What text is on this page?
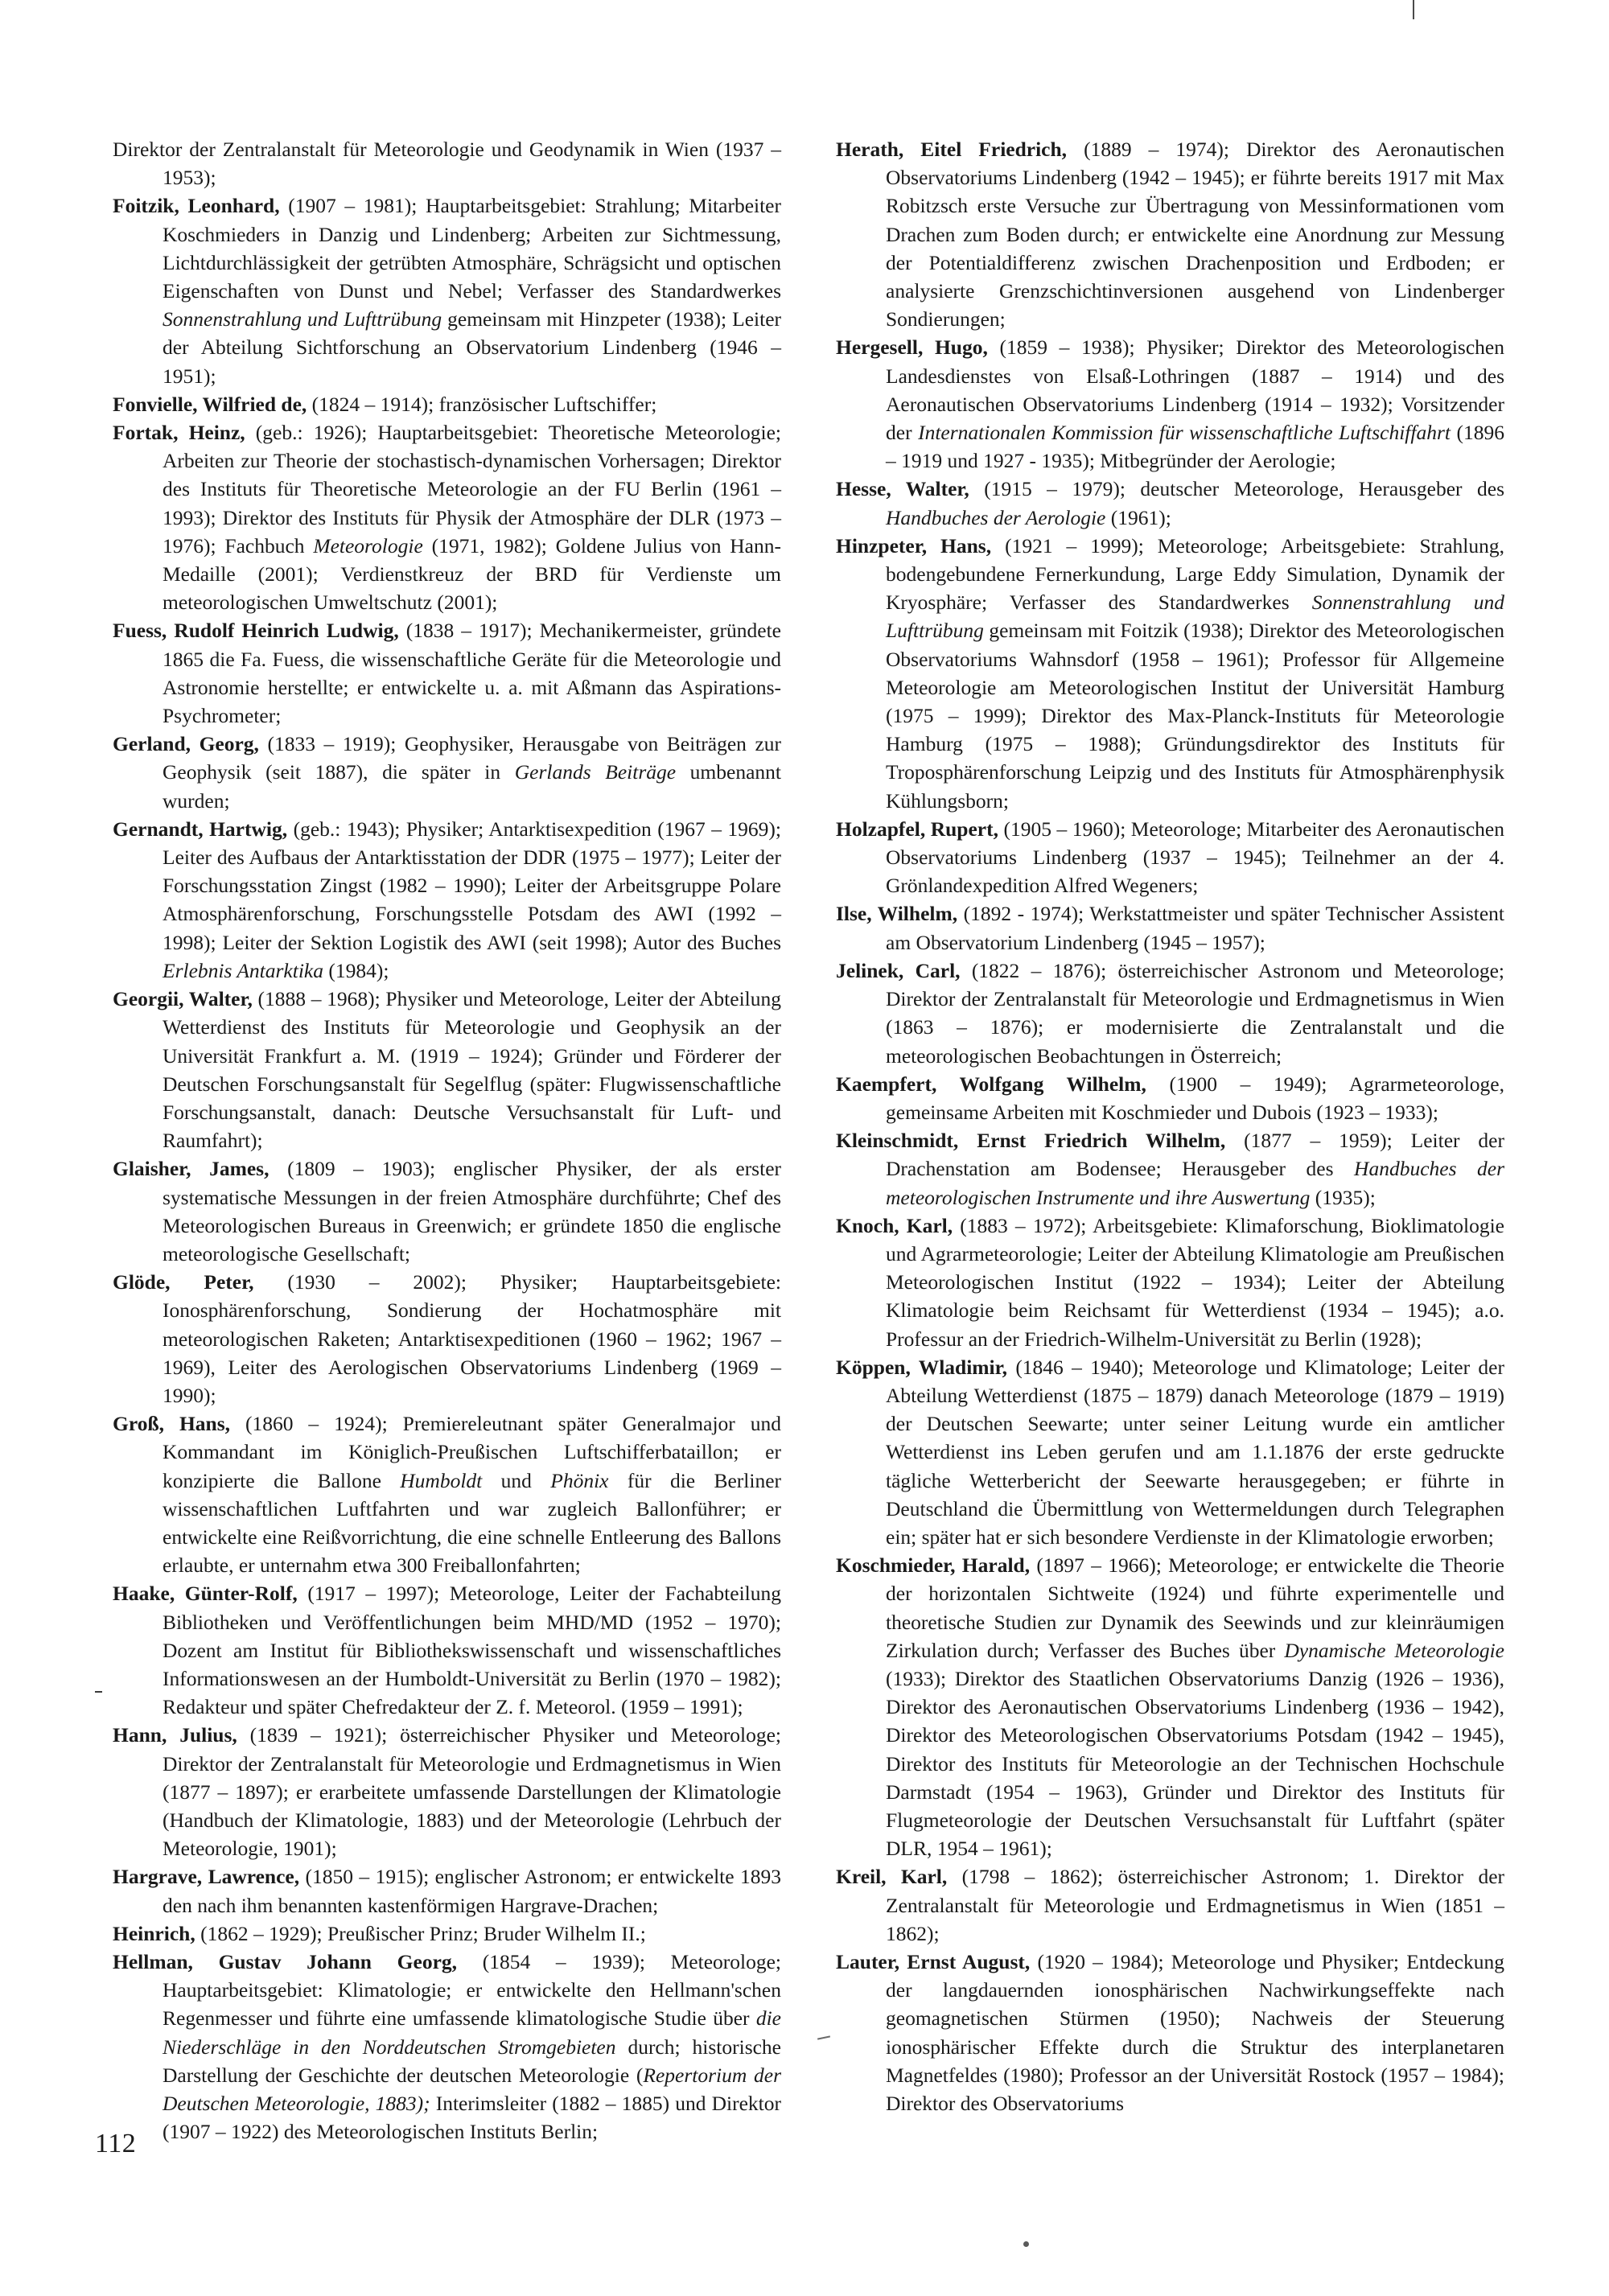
Direktor der Zentralanstalt für Meteorologie und Geodynamik in Wien (1937 – 1953);

Foitzik, Leonhard, (1907 – 1981); Hauptarbeitsgebiet: Strahlung; Mitarbeiter Koschmieders in Danzig und Lindenberg; Arbeiten zur Sichtmessung, Lichtdurchlässigkeit der getrübten Atmosphäre, Schrägsicht und optischen Eigenschaften von Dunst und Nebel; Verfasser des Standardwerkes Sonnenstrahlung und Lufttrübung gemeinsam mit Hinzpeter (1938); Leiter der Abteilung Sichtforschung an Observatorium Lindenberg (1946 – 1951);

Fonvielle, Wilfried de, (1824 – 1914); französischer Luftschiffer;

Fortak, Heinz, (geb.: 1926); Hauptarbeitsgebiet: Theoretische Meteorologie; Arbeiten zur Theorie der stochastisch-dynamischen Vorhersagen; Direktor des Instituts für Theoretische Meteorologie an der FU Berlin (1961 – 1993); Direktor des Instituts für Physik der Atmosphäre der DLR (1973 – 1976); Fachbuch Meteorologie (1971, 1982); Goldene Julius von Hann-Medaille (2001); Verdienstkreuz der BRD für Verdienste um meteorologischen Umweltschutz (2001);

Fuess, Rudolf Heinrich Ludwig, (1838 – 1917); Mechanikermeister, gründete 1865 die Fa. Fuess, die wissenschaftliche Geräte für die Meteorologie und Astronomie herstellte; er entwickelte u. a. mit Aßmann das Aspirations-Psychrometer;

Gerland, Georg, (1833 – 1919); Geophysiker, Herausgabe von Beiträgen zur Geophysik (seit 1887), die später in Gerlands Beiträge umbenannt wurden;

Gernandt, Hartwig, (geb.: 1943); Physiker; Antarktisexpedition (1967 – 1969); Leiter des Aufbaus der Antarktisstation der DDR (1975 – 1977); Leiter der Forschungsstation Zingst (1982 – 1990); Leiter der Arbeitsgruppe Polare Atmosphärenforschung, Forschungsstelle Potsdam des AWI (1992 – 1998); Leiter der Sektion Logistik des AWI (seit 1998); Autor des Buches Erlebnis Antarktika (1984);

Georgii, Walter, (1888 – 1968); Physiker und Meteorologe, Leiter der Abteilung Wetterdienst des Instituts für Meteorologie und Geophysik an der Universität Frankfurt a. M. (1919 – 1924); Gründer und Förderer der Deutschen Forschungsanstalt für Segelflug (später: Flugwissenschaftliche Forschungsanstalt, danach: Deutsche Versuchsanstalt für Luft- und Raumfahrt);

Glaisher, James, (1809 – 1903); englischer Physiker, der als erster systematische Messungen in der freien Atmosphäre durchführte; Chef des Meteorologischen Bureaus in Greenwich; er gründete 1850 die englische meteorologische Gesellschaft;

Glöde, Peter, (1930 – 2002); Physiker; Hauptarbeitsgebiete: Ionosphärenforschung, Sondierung der Hochatmosphäre mit meteorologischen Raketen; Antarktisexpeditionen (1960 – 1962; 1967 – 1969), Leiter des Aerologischen Observatoriums Lindenberg (1969 – 1990);

Groß, Hans, (1860 – 1924); Premiereleutnant später Generalmajor und Kommandant im Königlich-Preußischen Luftschifferbataillon; er konzipierte die Ballone Humboldt und Phönix für die Berliner wissenschaftlichen Luftfahrten und war zugleich Ballonführer; er entwickelte eine Reißvorrichtung, die eine schnelle Entleerung des Ballons erlaubte, er unternahm etwa 300 Freiballonfahrten;

Haake, Günter-Rolf, (1917 – 1997); Meteorologe, Leiter der Fachabteilung Bibliotheken und Veröffentlichungen beim MHD/MD (1952 – 1970); Dozent am Institut für Bibliothekswissenschaft und wissenschaftliches Informationswesen an der Humboldt-Universität zu Berlin (1970 – 1982); Redakteur und später Chefredakteur der Z. f. Meteorol. (1959 – 1991);

Hann, Julius, (1839 – 1921); österreichischer Physiker und Meteorologe; Direktor der Zentralanstalt für Meteorologie und Erdmagnetismus in Wien (1877 – 1897); er erarbeitete umfassende Darstellungen der Klimatologie (Handbuch der Klimatologie, 1883) und der Meteorologie (Lehrbuch der Meteorologie, 1901);

Hargrave, Lawrence, (1850 – 1915); englischer Astronom; er entwickelte 1893 den nach ihm benannten kastenförmigen Hargrave-Drachen;

Heinrich, (1862 – 1929); Preußischer Prinz; Bruder Wilhelm II.;

Hellman, Gustav Johann Georg, (1854 – 1939); Meteorologe; Hauptarbeitsgebiet: Klimatologie; er entwickelte den Hellmann'schen Regenmesser und führte eine umfassende klimatologische Studie über die Niederschläge in den Norddeutschen Stromgebieten durch; historische Darstellung der Geschichte der deutschen Meteorologie (Repertorium der Deutschen Meteorologie, 1883); Interimsleiter (1882 – 1885) und Direktor (1907 – 1922) des Meteorologischen Instituts Berlin;

Herath, Eitel Friedrich, (1889 – 1974); Direktor des Aeronautischen Observatoriums Lindenberg (1942 – 1945); er führte bereits 1917 mit Max Robitzsch erste Versuche zur Übertragung von Messinformationen vom Drachen zum Boden durch; er entwickelte eine Anordnung zur Messung der Potentialdifferenz zwischen Drachenposition und Erdboden; er analysierte Grenzschichtinversionen ausgehend von Lindenberger Sondierungen;

Hergesell, Hugo, (1859 – 1938); Physiker; Direktor des Meteorologischen Landesdienstes von Elsaß-Lothringen (1887 – 1914) und des Aeronautischen Observatoriums Lindenberg (1914 – 1932); Vorsitzender der Internationalen Kommission für wissenschaftliche Luftschiffahrt (1896 – 1919 und 1927 - 1935); Mitbegründer der Aerologie;

Hesse, Walter, (1915 – 1979); deutscher Meteorologe, Herausgeber des Handbuches der Aerologie (1961);

Hinzpeter, Hans, (1921 – 1999); Meteorologe; Arbeitsgebiete: Strahlung, bodengebundene Fernerkundung, Large Eddy Simulation, Dynamik der Kryosphäre; Verfasser des Standardwerkes Sonnenstrahlung und Lufttrübung gemeinsam mit Foitzik (1938); Direktor des Meteorologischen Observatoriums Wahnsdorf (1958 – 1961); Professor für Allgemeine Meteorologie am Meteorologischen Institut der Universität Hamburg (1975 – 1999); Direktor des Max-Planck-Instituts für Meteorologie Hamburg (1975 – 1988); Gründungsdirektor des Instituts für Troposphärenforschung Leipzig und des Instituts für Atmosphärenphysik Kühlungsborn;

Holzapfel, Rupert, (1905 – 1960); Meteorologe; Mitarbeiter des Aeronautischen Observatoriums Lindenberg (1937 – 1945); Teilnehmer an der 4. Grönlandexpedition Alfred Wegeners;

Ilse, Wilhelm, (1892 - 1974); Werkstattmeister und später Technischer Assistent am Observatorium Lindenberg (1945 – 1957);

Jelinek, Carl, (1822 – 1876); österreichischer Astronom und Meteorologe; Direktor der Zentralanstalt für Meteorologie und Erdmagnetismus in Wien (1863 – 1876); er modernisierte die Zentralanstalt und die meteorologischen Beobachtungen in Österreich;

Kaempfert, Wolfgang Wilhelm, (1900 – 1949); Agrarmeteorologe, gemeinsame Arbeiten mit Koschmieder und Dubois (1923 – 1933);

Kleinschmidt, Ernst Friedrich Wilhelm, (1877 – 1959); Leiter der Drachenstation am Bodensee; Herausgeber des Handbuches der meteorologischen Instrumente und ihre Auswertung (1935);

Knoch, Karl, (1883 – 1972); Arbeitsgebiete: Klimaforschung, Bioklimatologie und Agrarmeteorologie; Leiter der Abteilung Klimatologie am Preußischen Meteorologischen Institut (1922 – 1934); Leiter der Abteilung Klimatologie beim Reichsamt für Wetterdienst (1934 – 1945); a.o. Professur an der Friedrich-Wilhelm-Universität zu Berlin (1928);

Köppen, Wladimir, (1846 – 1940); Meteorologe und Klimatologe; Leiter der Abteilung Wetterdienst (1875 – 1879) danach Meteorologe (1879 – 1919) der Deutschen Seewarte; unter seiner Leitung wurde ein amtlicher Wetterdienst ins Leben gerufen und am 1.1.1876 der erste gedruckte tägliche Wetterbericht der Seewarte herausgegeben; er führte in Deutschland die Übermittlung von Wettermeldungen durch Telegraphen ein; später hat er sich besondere Verdienste in der Klimatologie erworben;

Koschmieder, Harald, (1897 – 1966); Meteorologe; er entwickelte die Theorie der horizontalen Sichtweite (1924) und führte experimentelle und theoretische Studien zur Dynamik des Seewinds und zur kleinräumigen Zirkulation durch; Verfasser des Buches über Dynamische Meteorologie (1933); Direktor des Staatlichen Observatoriums Danzig (1926 – 1936), Direktor des Aeronautischen Observatoriums Lindenberg (1936 – 1942), Direktor des Meteorologischen Observatoriums Potsdam (1942 – 1945), Direktor des Instituts für Meteorologie an der Technischen Hochschule Darmstadt (1954 – 1963), Gründer und Direktor des Instituts für Flugmeteorologie der Deutschen Versuchsanstalt für Luftfahrt (später DLR, 1954 – 1961);

Kreil, Karl, (1798 – 1862); österreichischer Astronom; 1. Direktor der Zentralanstalt für Meteorologie und Erdmagnetismus in Wien (1851 – 1862);

Lauter, Ernst August, (1920 – 1984); Meteorologe und Physiker; Entdeckung der langdauernden ionosphärischen Nachwirkungseffekte nach geomagnetischen Stürmen (1950); Nachweis der Steuerung ionosphärischer Effekte durch die Struktur des interplanetaren Magnetfeldes (1980); Professor an der Universität Rostock (1957 – 1984); Direktor des Observatoriums

112
